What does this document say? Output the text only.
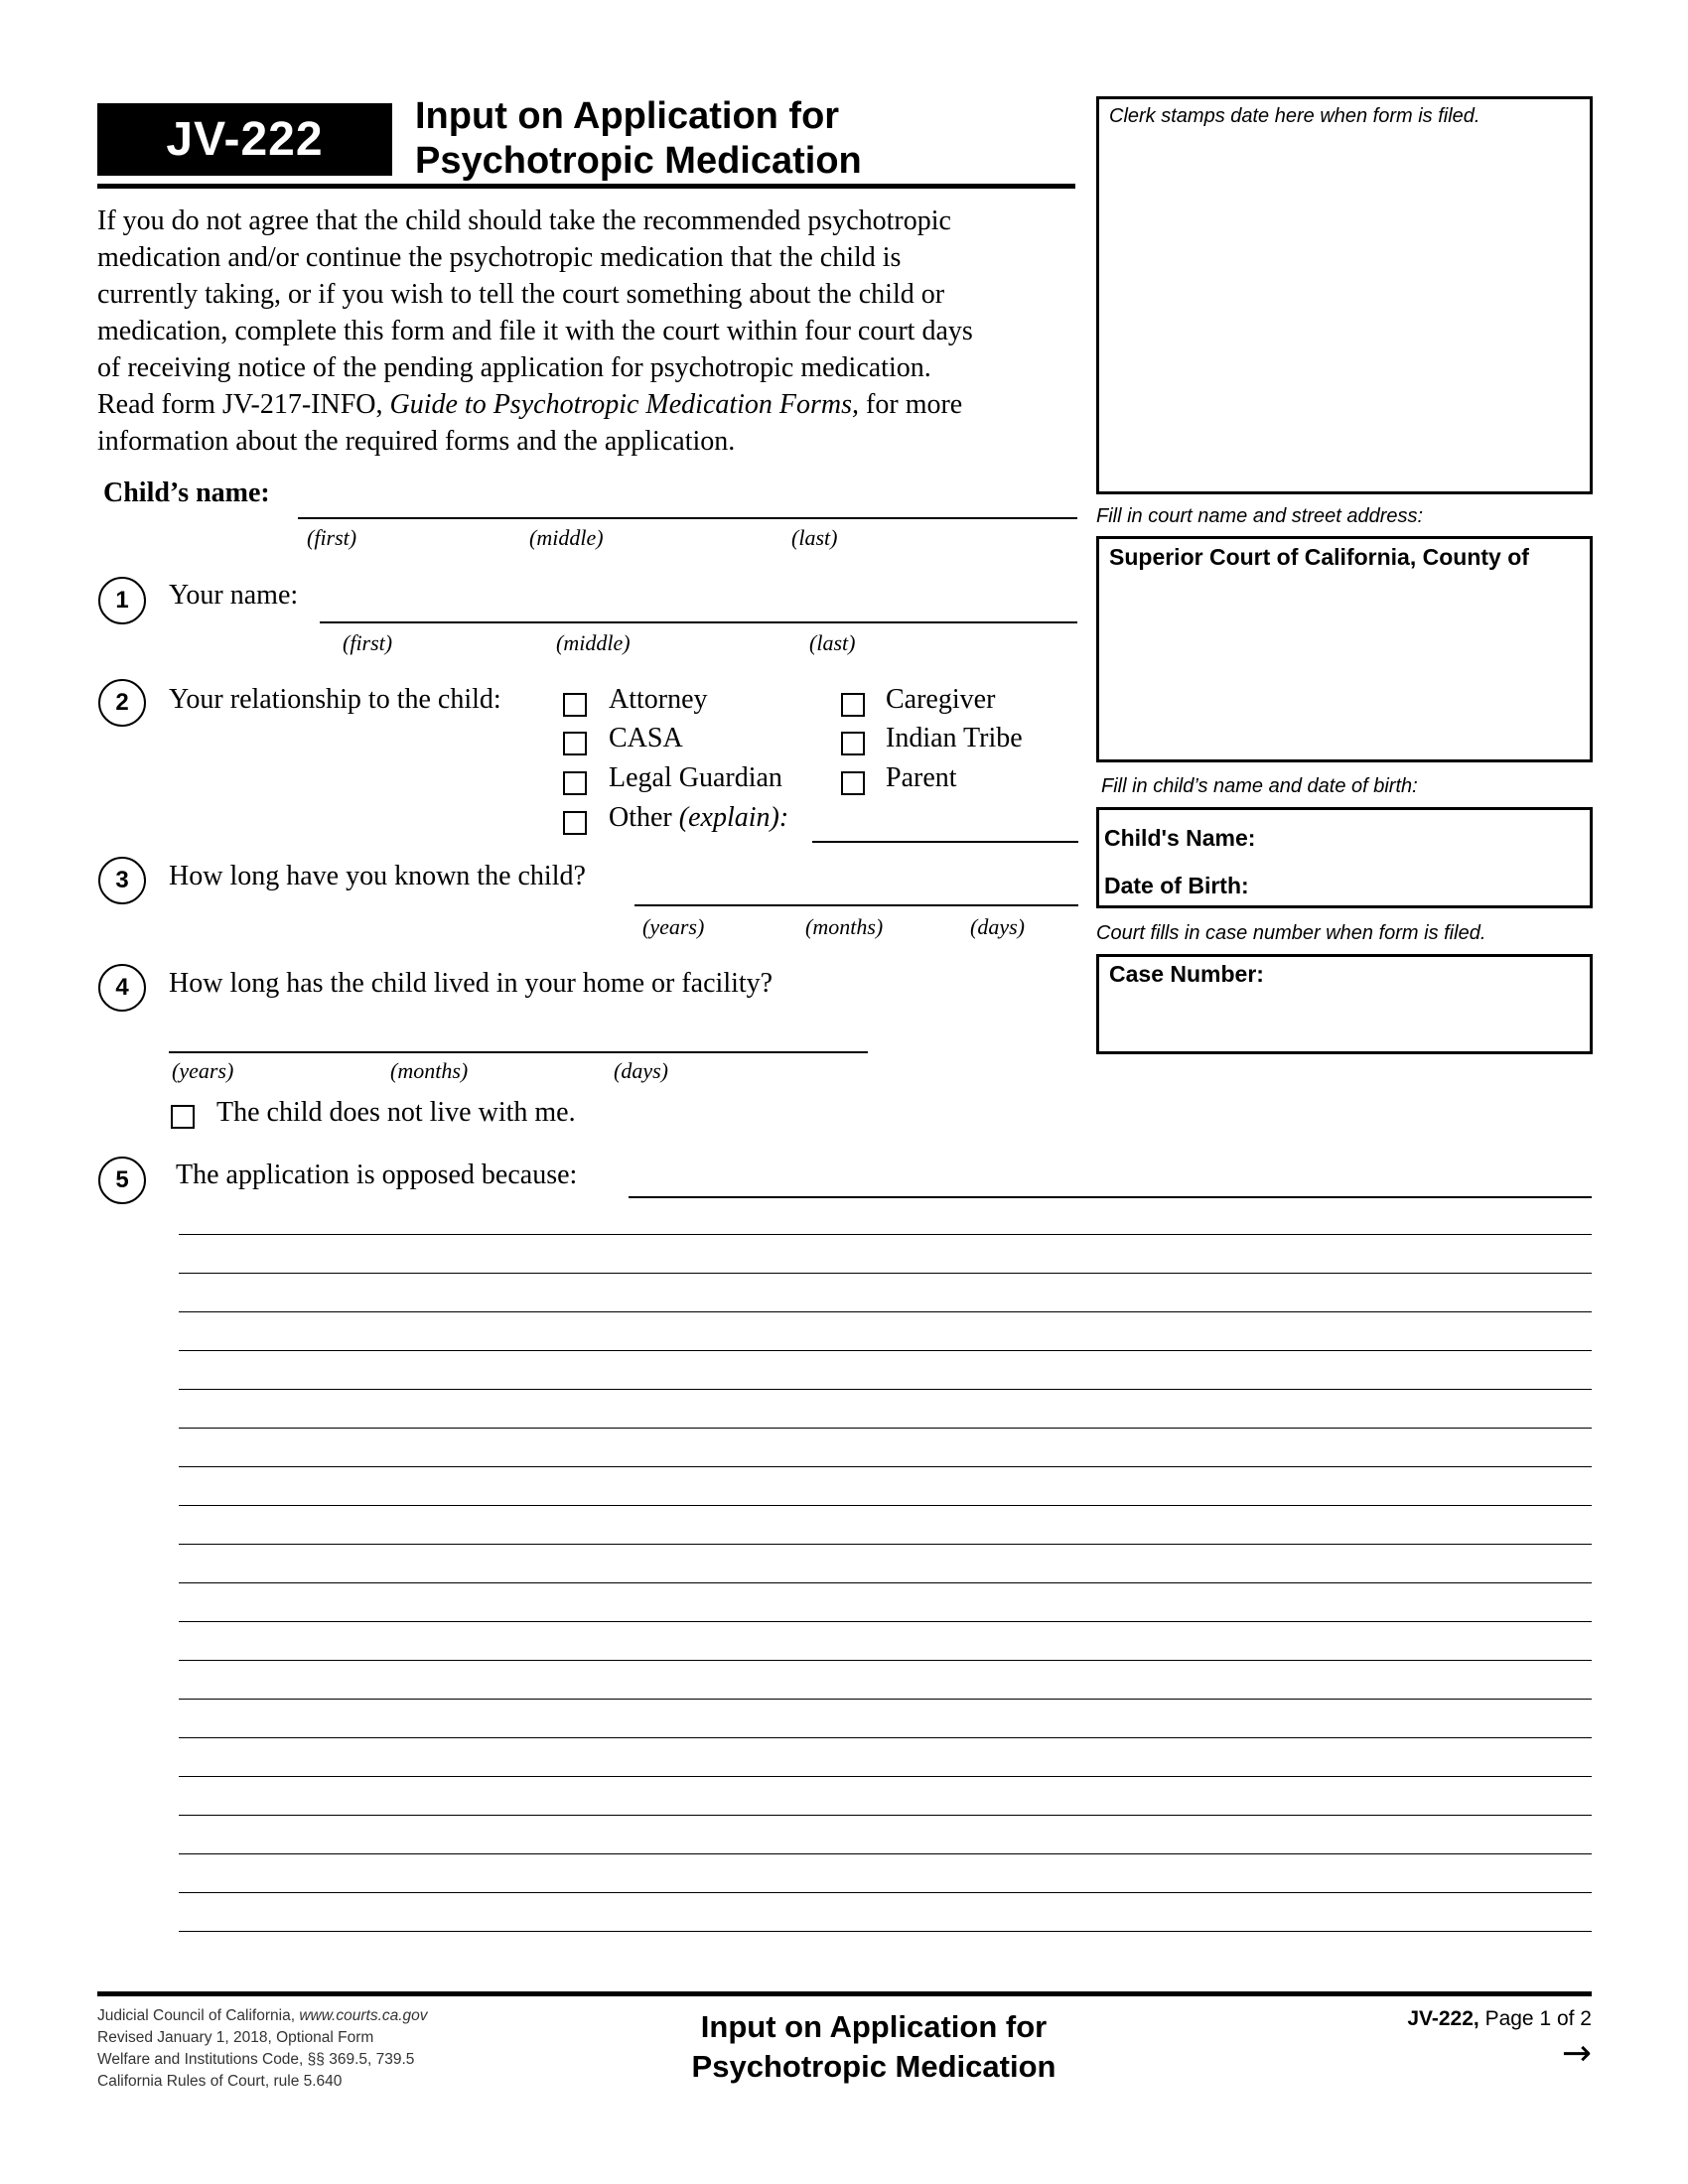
JV-222 Input on Application for
Psychotropic Medication

If you do not agree that the child should take the recommended psychotropic

medication and/or continue the psychotropic medication that the child is

currently taking, or if you wish to tell the court something about the child or

medication, complete this form and file it with the court within four court days

of receiving notice of the pending application for psychotropic medication.

Read form JV-217-INFO, Guide to Psychotropic Medication Forms, for more

information about the required forms and the application.

Clerk stamps date here when form is filed.
Fill in court name and street address:
Superior Court of California, County of
Fill in child’s name and date of birth:
Child's Name:
Date of Birth:
Court fills in case number when form is filed.
Case Number:
Child’s name:
(first)	(middle)	(last)
1	Your name:
(first)	(middle)	(last)
2	Your relationship to the child:	Attorney
CASA
Legal Guardian
Other (explain):
Caregiver
Indian Tribe
Parent
3	How long have you known the child?
(years)	(months)	(days)
4	How long has the child lived in your home or facility?
(years)	(months)	(days)
The child does not live with me.
5	The application is opposed because:
Judicial Council of California, www.courts.ca.gov
Revised January 1, 2018, Optional Form
Welfare and Institutions Code, §§ 369.5, 739.5
California Rules of Court, rule 5.640
Input on Application for
Psychotropic Medication
JV-222, Page 1 of 2
→
